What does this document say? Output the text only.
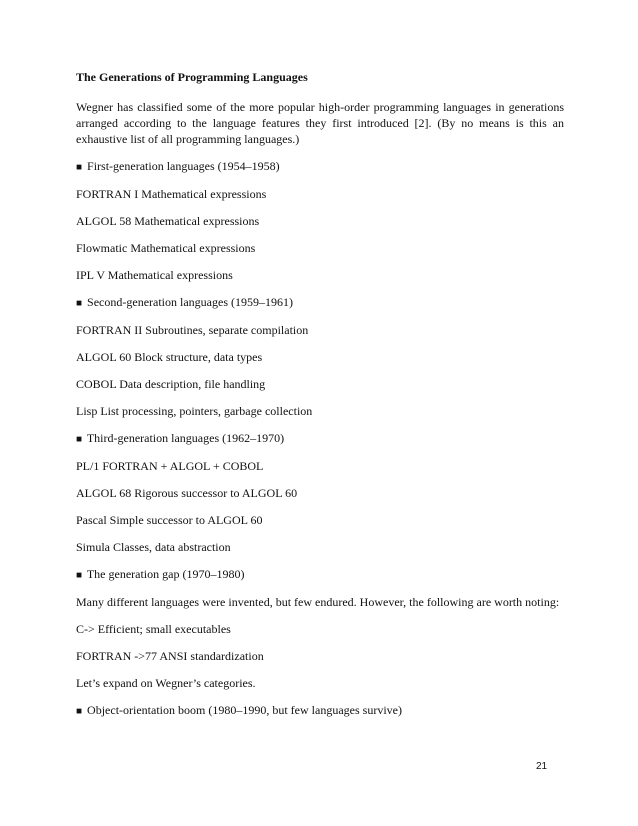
The Generations of Programming Languages

Wegner has classified some of the more popular high-order programming languages in generations arranged according to the language features they first introduced [2]. (By no means is this an exhaustive list of all programming languages.)

■ First-generation languages (1954–1958)

FORTRAN I Mathematical expressions

ALGOL 58 Mathematical expressions

Flowmatic Mathematical expressions

IPL V Mathematical expressions

■ Second-generation languages (1959–1961)

FORTRAN II Subroutines, separate compilation

ALGOL 60 Block structure, data types

COBOL Data description, file handling

Lisp List processing, pointers, garbage collection

■ Third-generation languages (1962–1970)

PL/1 FORTRAN + ALGOL + COBOL

ALGOL 68 Rigorous successor to ALGOL 60

Pascal Simple successor to ALGOL 60

Simula Classes, data abstraction

■ The generation gap (1970–1980)

Many different languages were invented, but few endured. However, the following are worth noting:

C-> Efficient; small executables

FORTRAN ->77 ANSI standardization

Let’s expand on Wegner’s categories.

■ Object-orientation boom (1980–1990, but few languages survive)

21
